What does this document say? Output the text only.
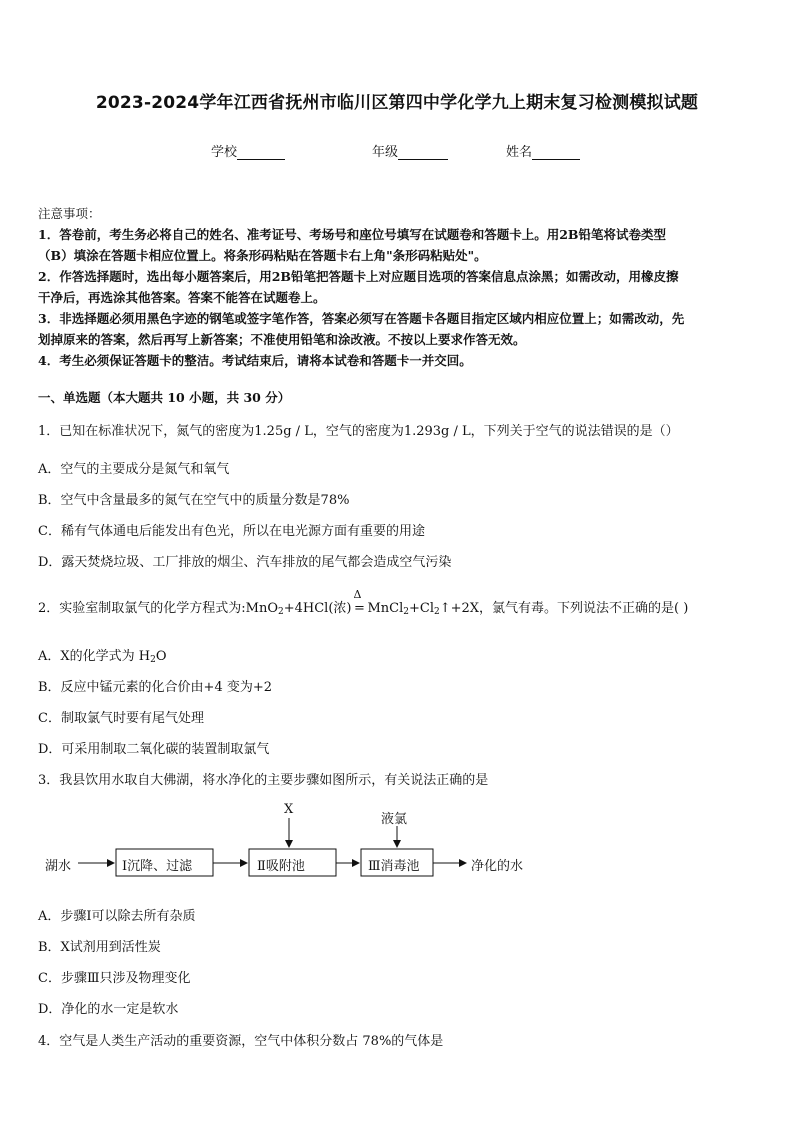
2023-2024学年江西省抚州市临川区第四中学化学九上期末复习检测模拟试题
学校	年级	姓名
注意事项：
1．答卷前，考生务必将自己的姓名、准考证号、考场号和座位号填写在试题卷和答题卡上。用2B铅笔将试卷类型
（B）填涂在答题卡相应位置上。将条形码粘贴在答题卡右上角"条形码粘贴处"。
2．作答选择题时，选出每小题答案后，用2B铅笔把答题卡上对应题目选项的答案信息点涂黑；如需改动，用橡皮擦
干净后，再选涂其他答案。答案不能答在试题卷上。
3．非选择题必须用黑色字迹的钢笔或签字笔作答，答案必须写在答题卡各题目指定区域内相应位置上；如需改动，先
划掉原来的答案，然后再写上新答案；不准使用铅笔和涂改液。不按以上要求作答无效。
4．考生必须保证答题卡的整洁。考试结束后，请将本试卷和答题卡一并交回。
一、单选题（本大题共 10 小题，共 30 分）
1．已知在标准状况下，氮气的密度为1.25g / L，空气的密度为1.293g / L，下列关于空气的说法错误的是（）
A．空气的主要成分是氮气和氧气
B．空气中含量最多的氮气在空气中的质量分数是78%
C．稀有气体通电后能发出有色光，所以在电光源方面有重要的用途
D．露天焚烧垃圾、工厂排放的烟尘、汽车排放的尾气都会造成空气污染
2．实验室制取氯气的化学方程式为:MnO$_2$+4HCl(浓)
Δ
= $MnCl_2+Cl_2↑+2X$，氯气有毒。下列说法不正确的是( )
A．X的化学式为 $H_2O$
B．反应中锰元素的化合价由+4 变为+2
C．制取氯气时要有尾气处理
D．可采用制取二氧化碳的装置制取氯气
3．我县饮用水取自大佛湖，将水净化的主要步骤如图所示，有关说法正确的是
湖水	Ⅰ沉降、过滤	Ⅱ吸附池	Ⅲ消毒池	净化的水
X
液氯
A．步骤Ⅰ可以除去所有杂质
B．X试剂用到活性炭
C．步骤Ⅲ只涉及物理变化
D．净化的水一定是软水
4．空气是人类生产活动的重要资源，空气中体积分数占 78%的气体是
